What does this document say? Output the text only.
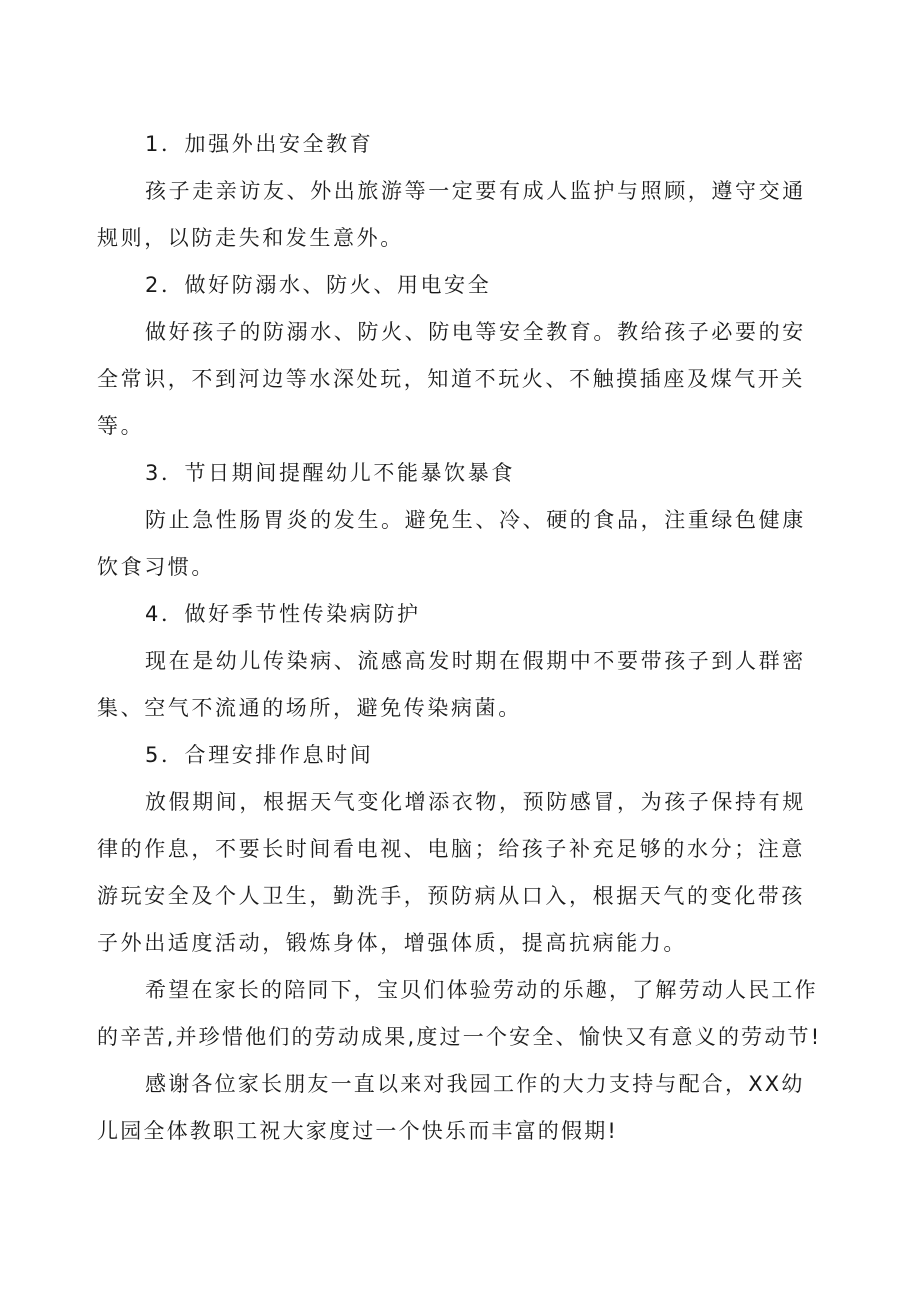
1．加强外出安全教育

孩子走亲访友、外出旅游等一定要有成人监护与照顾，遵守交通规则，以防走失和发生意外。

2．做好防溺水、防火、用电安全

做好孩子的防溺水、防火、防电等安全教育。教给孩子必要的安全常识，不到河边等水深处玩，知道不玩火、不触摸插座及煤气开关等。

3．节日期间提醒幼儿不能暴饮暴食

防止急性肠胃炎的发生。避免生、冷、硬的食品，注重绿色健康饮食习惯。

4．做好季节性传染病防护

现在是幼儿传染病、流感高发时期在假期中不要带孩子到人群密集、空气不流通的场所，避免传染病菌。

5．合理安排作息时间

放假期间，根据天气变化增添衣物，预防感冒，为孩子保持有规律的作息，不要长时间看电视、电脑；给孩子补充足够的水分；注意游玩安全及个人卫生，勤洗手，预防病从口入，根据天气的变化带孩子外出适度活动，锻炼身体，增强体质，提高抗病能力。

希望在家长的陪同下，宝贝们体验劳动的乐趣，了解劳动人民工作的辛苦,并珍惜他们的劳动成果,度过一个安全、愉快又有意义的劳动节!

感谢各位家长朋友一直以来对我园工作的大力支持与配合，XX幼儿园全体教职工祝大家度过一个快乐而丰富的假期!
